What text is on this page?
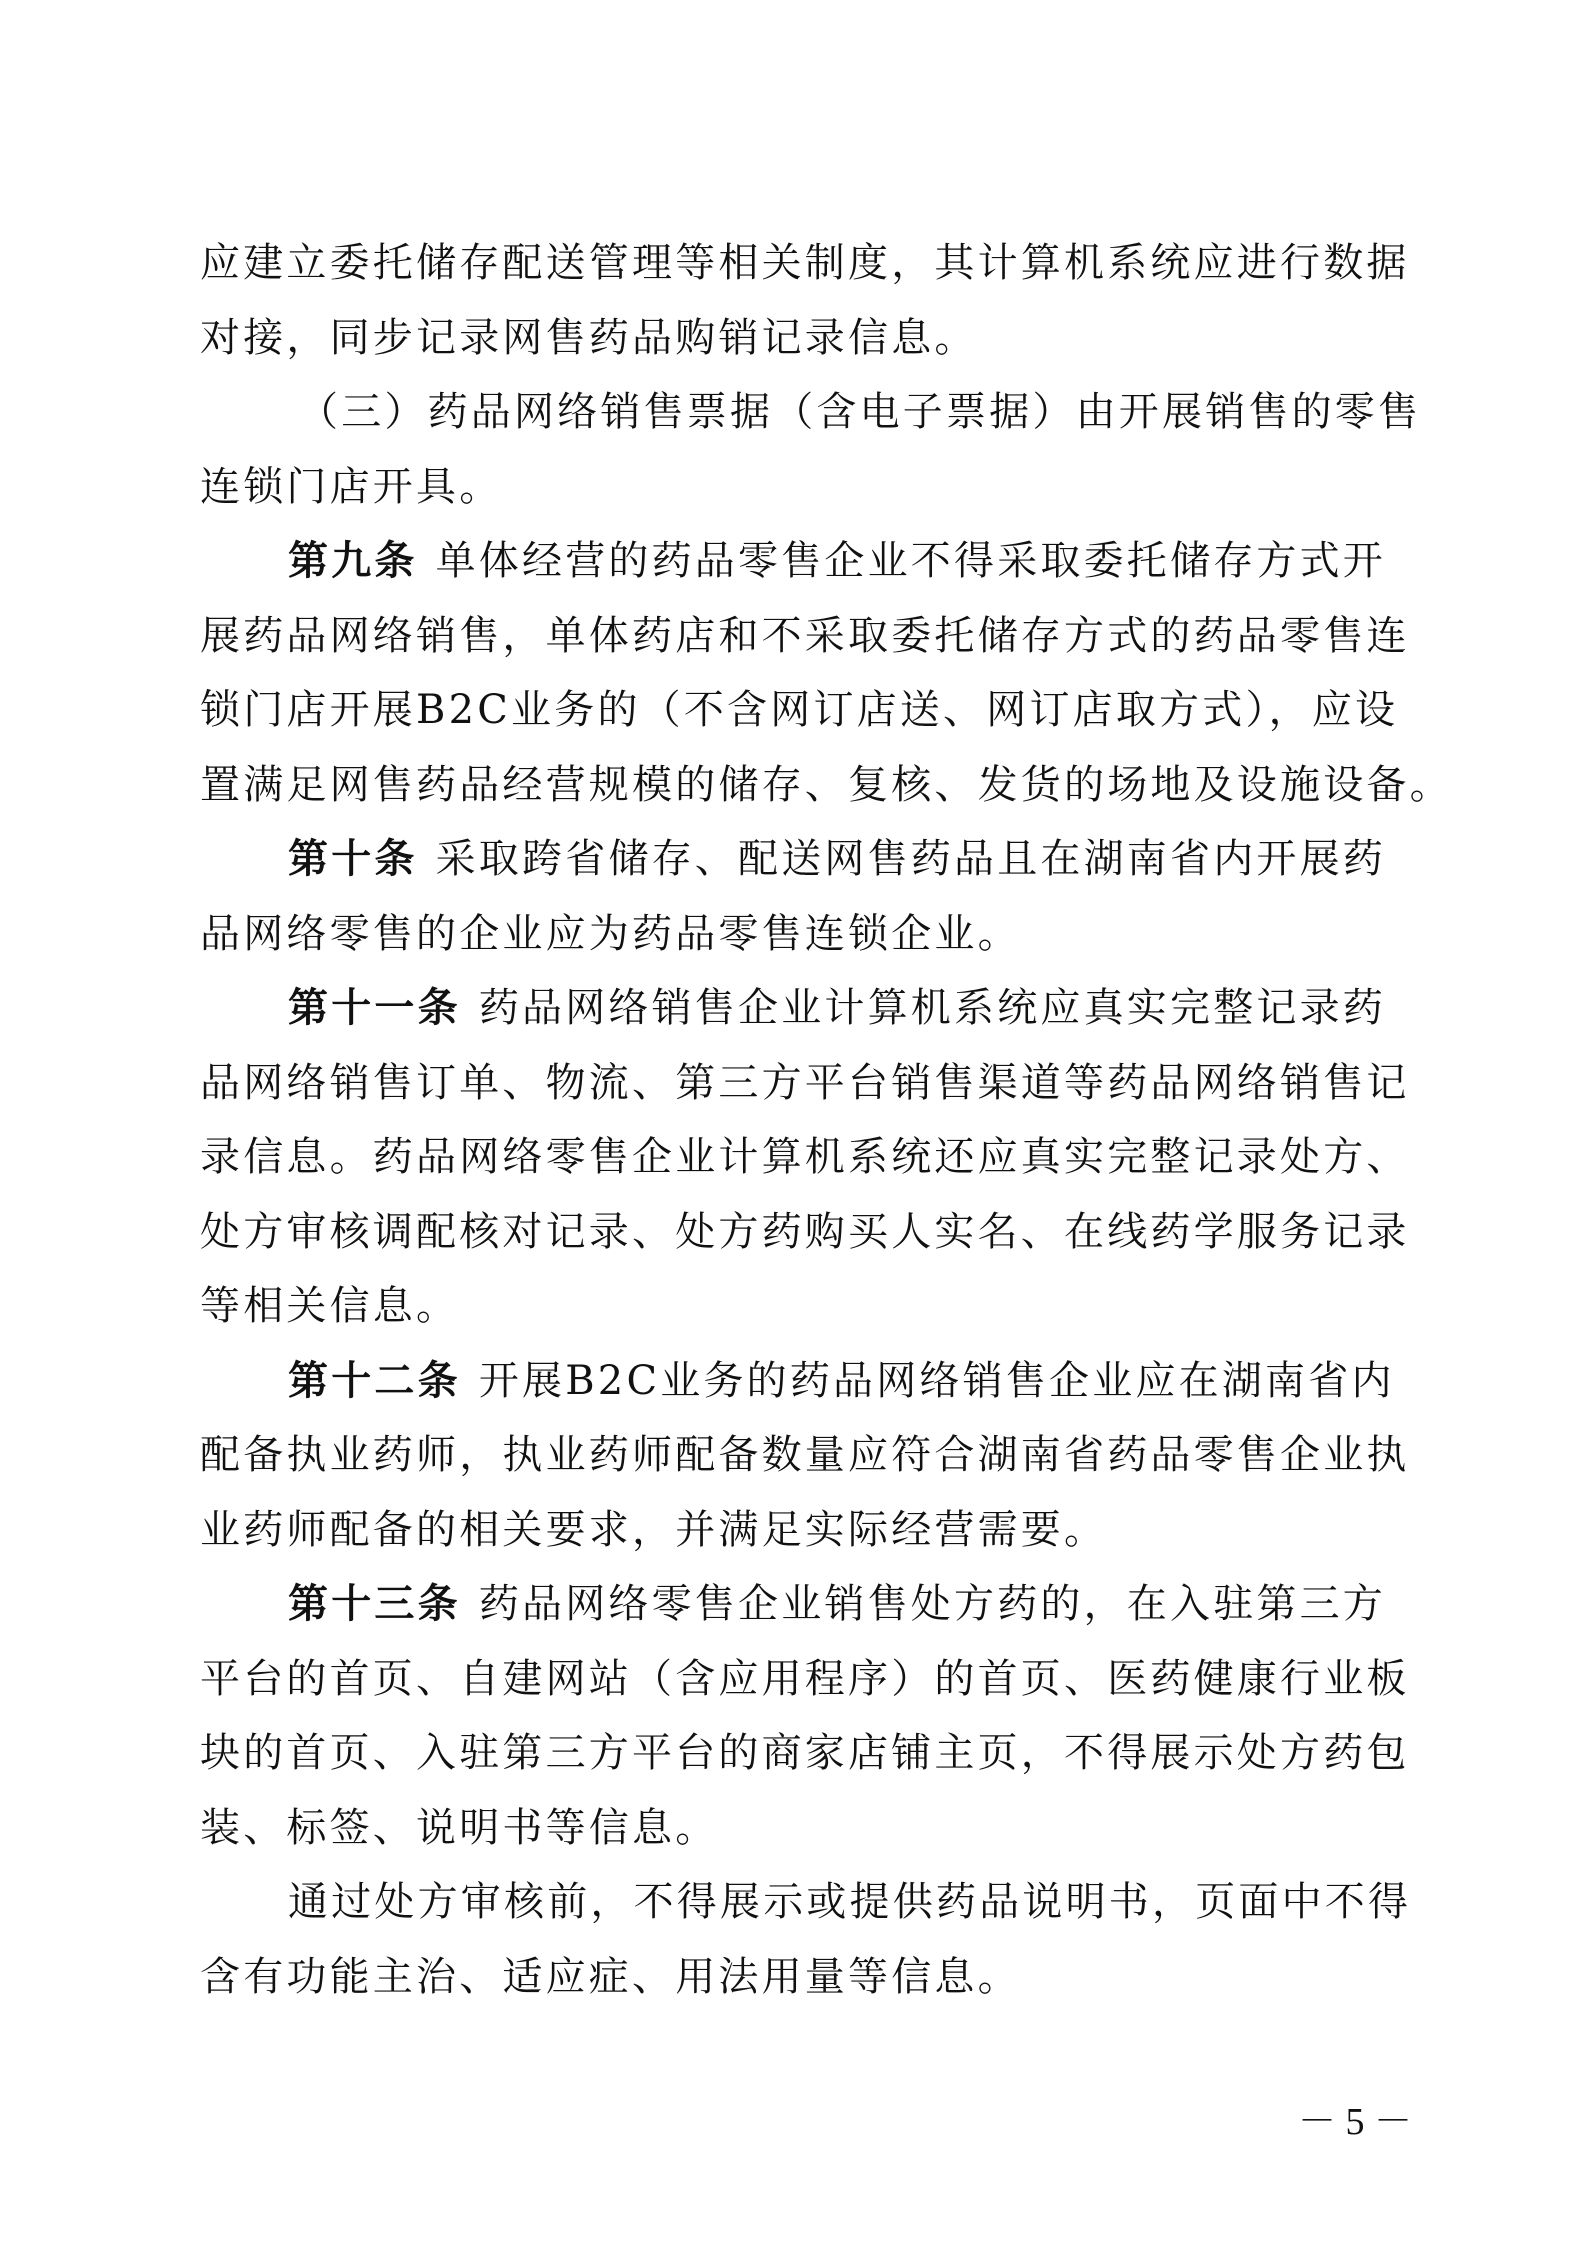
应建立委托储存配送管理等相关制度，其计算机系统应进行数据
对接，同步记录网售药品购销记录信息。
（三）药品网络销售票据（含电子票据）由开展销售的零售
连锁门店开具。
第九条 单体经营的药品零售企业不得采取委托储存方式开
展药品网络销售，单体药店和不采取委托储存方式的药品零售连
锁门店开展B2C业务的（不含网订店送、网订店取方式），应设
置满足网售药品经营规模的储存、复核、发货的场地及设施设备。
第十条 采取跨省储存、配送网售药品且在湖南省内开展药
品网络零售的企业应为药品零售连锁企业。
第十一条 药品网络销售企业计算机系统应真实完整记录药
品网络销售订单、物流、第三方平台销售渠道等药品网络销售记
录信息。药品网络零售企业计算机系统还应真实完整记录处方、
处方审核调配核对记录、处方药购买人实名、在线药学服务记录
等相关信息。
第十二条 开展B2C业务的药品网络销售企业应在湖南省内
配备执业药师，执业药师配备数量应符合湖南省药品零售企业执
业药师配备的相关要求，并满足实际经营需要。
第十三条 药品网络零售企业销售处方药的，在入驻第三方
平台的首页、自建网站（含应用程序）的首页、医药健康行业板
块的首页、入驻第三方平台的商家店铺主页，不得展示处方药包
装、标签、说明书等信息。
通过处方审核前，不得展示或提供药品说明书，页面中不得
含有功能主治、适应症、用法用量等信息。
－ 5 －
